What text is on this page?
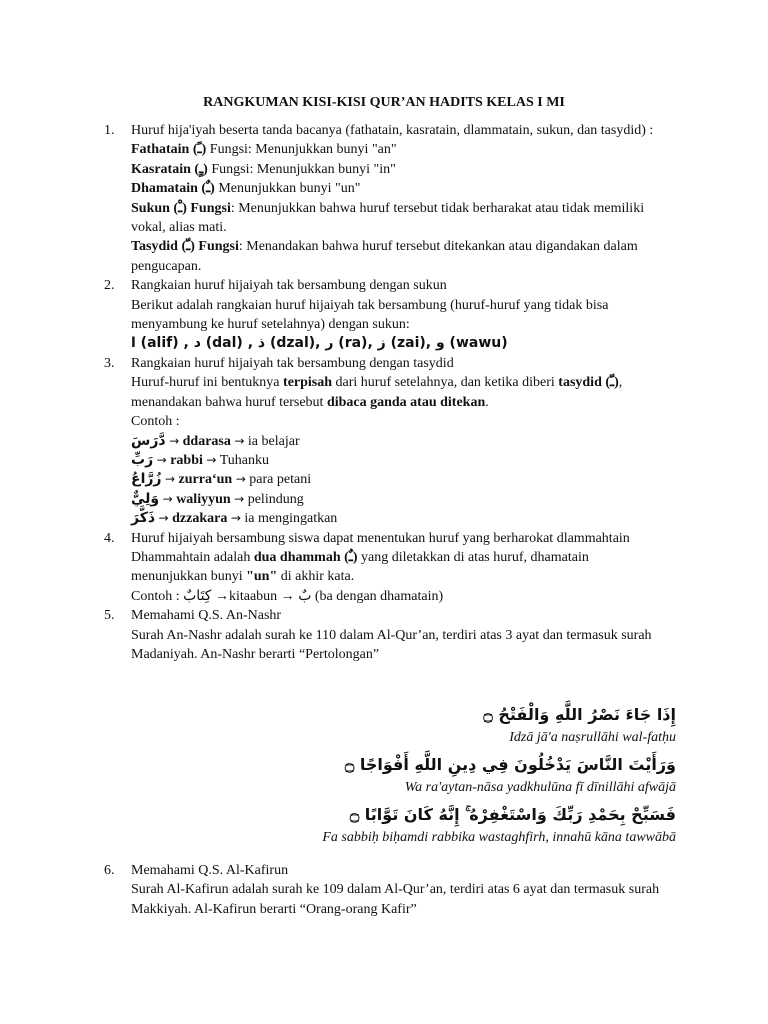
RANGKUMAN KISI-KISI QUR’AN HADITS KELAS I MI
1. Huruf hija'iyah beserta tanda bacanya (fathatain, kasratain, dlammatain, sukun, dan tasydid) :
Fathatain (ـً) Fungsi: Menunjukkan bunyi "an"
Kasratain (ـٍ) Fungsi: Menunjukkan bunyi "in"
Dhamatain (ـٌ) Menunjukkan bunyi "un"
Sukun (ـْ) Fungsi: Menunjukkan bahwa huruf tersebut tidak berharakat atau tidak memiliki vokal, alias mati.
Tasydid (ـّ) Fungsi: Menandakan bahwa huruf tersebut ditekankan atau digandakan dalam pengucapan.
2. Rangkaian huruf hijaiyah tak bersambung dengan sukun
Berikut adalah rangkaian huruf hijaiyah tak bersambung (huruf-huruf yang tidak bisa menyambung ke huruf setelahnya) dengan sukun:
ا (alif) , د (dal) , ذ (dzal), ر (ra), ز (zai), و (wawu)
3. Rangkaian huruf hijaiyah tak bersambung dengan tasydid
Huruf-huruf ini bentuknya terpisah dari huruf setelahnya, dan ketika diberi tasydid (ـّ), menandakan bahwa huruf tersebut dibaca ganda atau ditekan.
Contoh :
دَّرَسَ → ddarasa → ia belajar
رَبِّ → rabbi → Tuhanku
زُرَّاعُ → zurra‘un → para petani
وَلِيٌّ → waliyyun → pelindung
ذَكَّرَ → dzzakara → ia mengingatkan
4. Huruf hijaiyah bersambung siswa dapat menentukan huruf yang berharokat dlammahtain
Dhammahtain adalah dua dhammah (ـٌ) yang diletakkan di atas huruf, dhamatain menunjukkan bunyi "un" di akhir kata.
Contoh : كِتَابٌ →kitaabun → بٌ (ba dengan dhamatain)
5. Memahami Q.S. An-Nashr
Surah An-Nashr adalah surah ke 110 dalam Al-Qur’an, terdiri atas 3 ayat dan termasuk surah Madaniyah. An-Nashr berarti “Pertolongan”
إِذَا جَاءَ نَصْرُ اللَّهِ وَالْفَتْحُ ۝
Idzā jā'a naṣrullāhi wal-fatḥu
وَرَأَيْتَ النَّاسَ يَدْخُلُونَ فِي دِينِ اللَّهِ أَفْوَاجًا ۝
Wa ra'aytan-nāsa yadkhulūna fī dīnillāhi afwājā
فَسَبِّحْ بِحَمْدِ رَبِّكَ وَاسْتَغْفِرْهُ ۚ إِنَّهُ كَانَ تَوَّابًا ۝
Fa sabbiḥ biḥamdi rabbika wastaghfirh, innahū kāna tawwābā
6. Memahami Q.S. Al-Kafirun
Surah Al-Kafirun adalah surah ke 109 dalam Al-Qur’an, terdiri atas 6 ayat dan termasuk surah Makkiyah. Al-Kafirun berarti “Orang-orang Kafir”
